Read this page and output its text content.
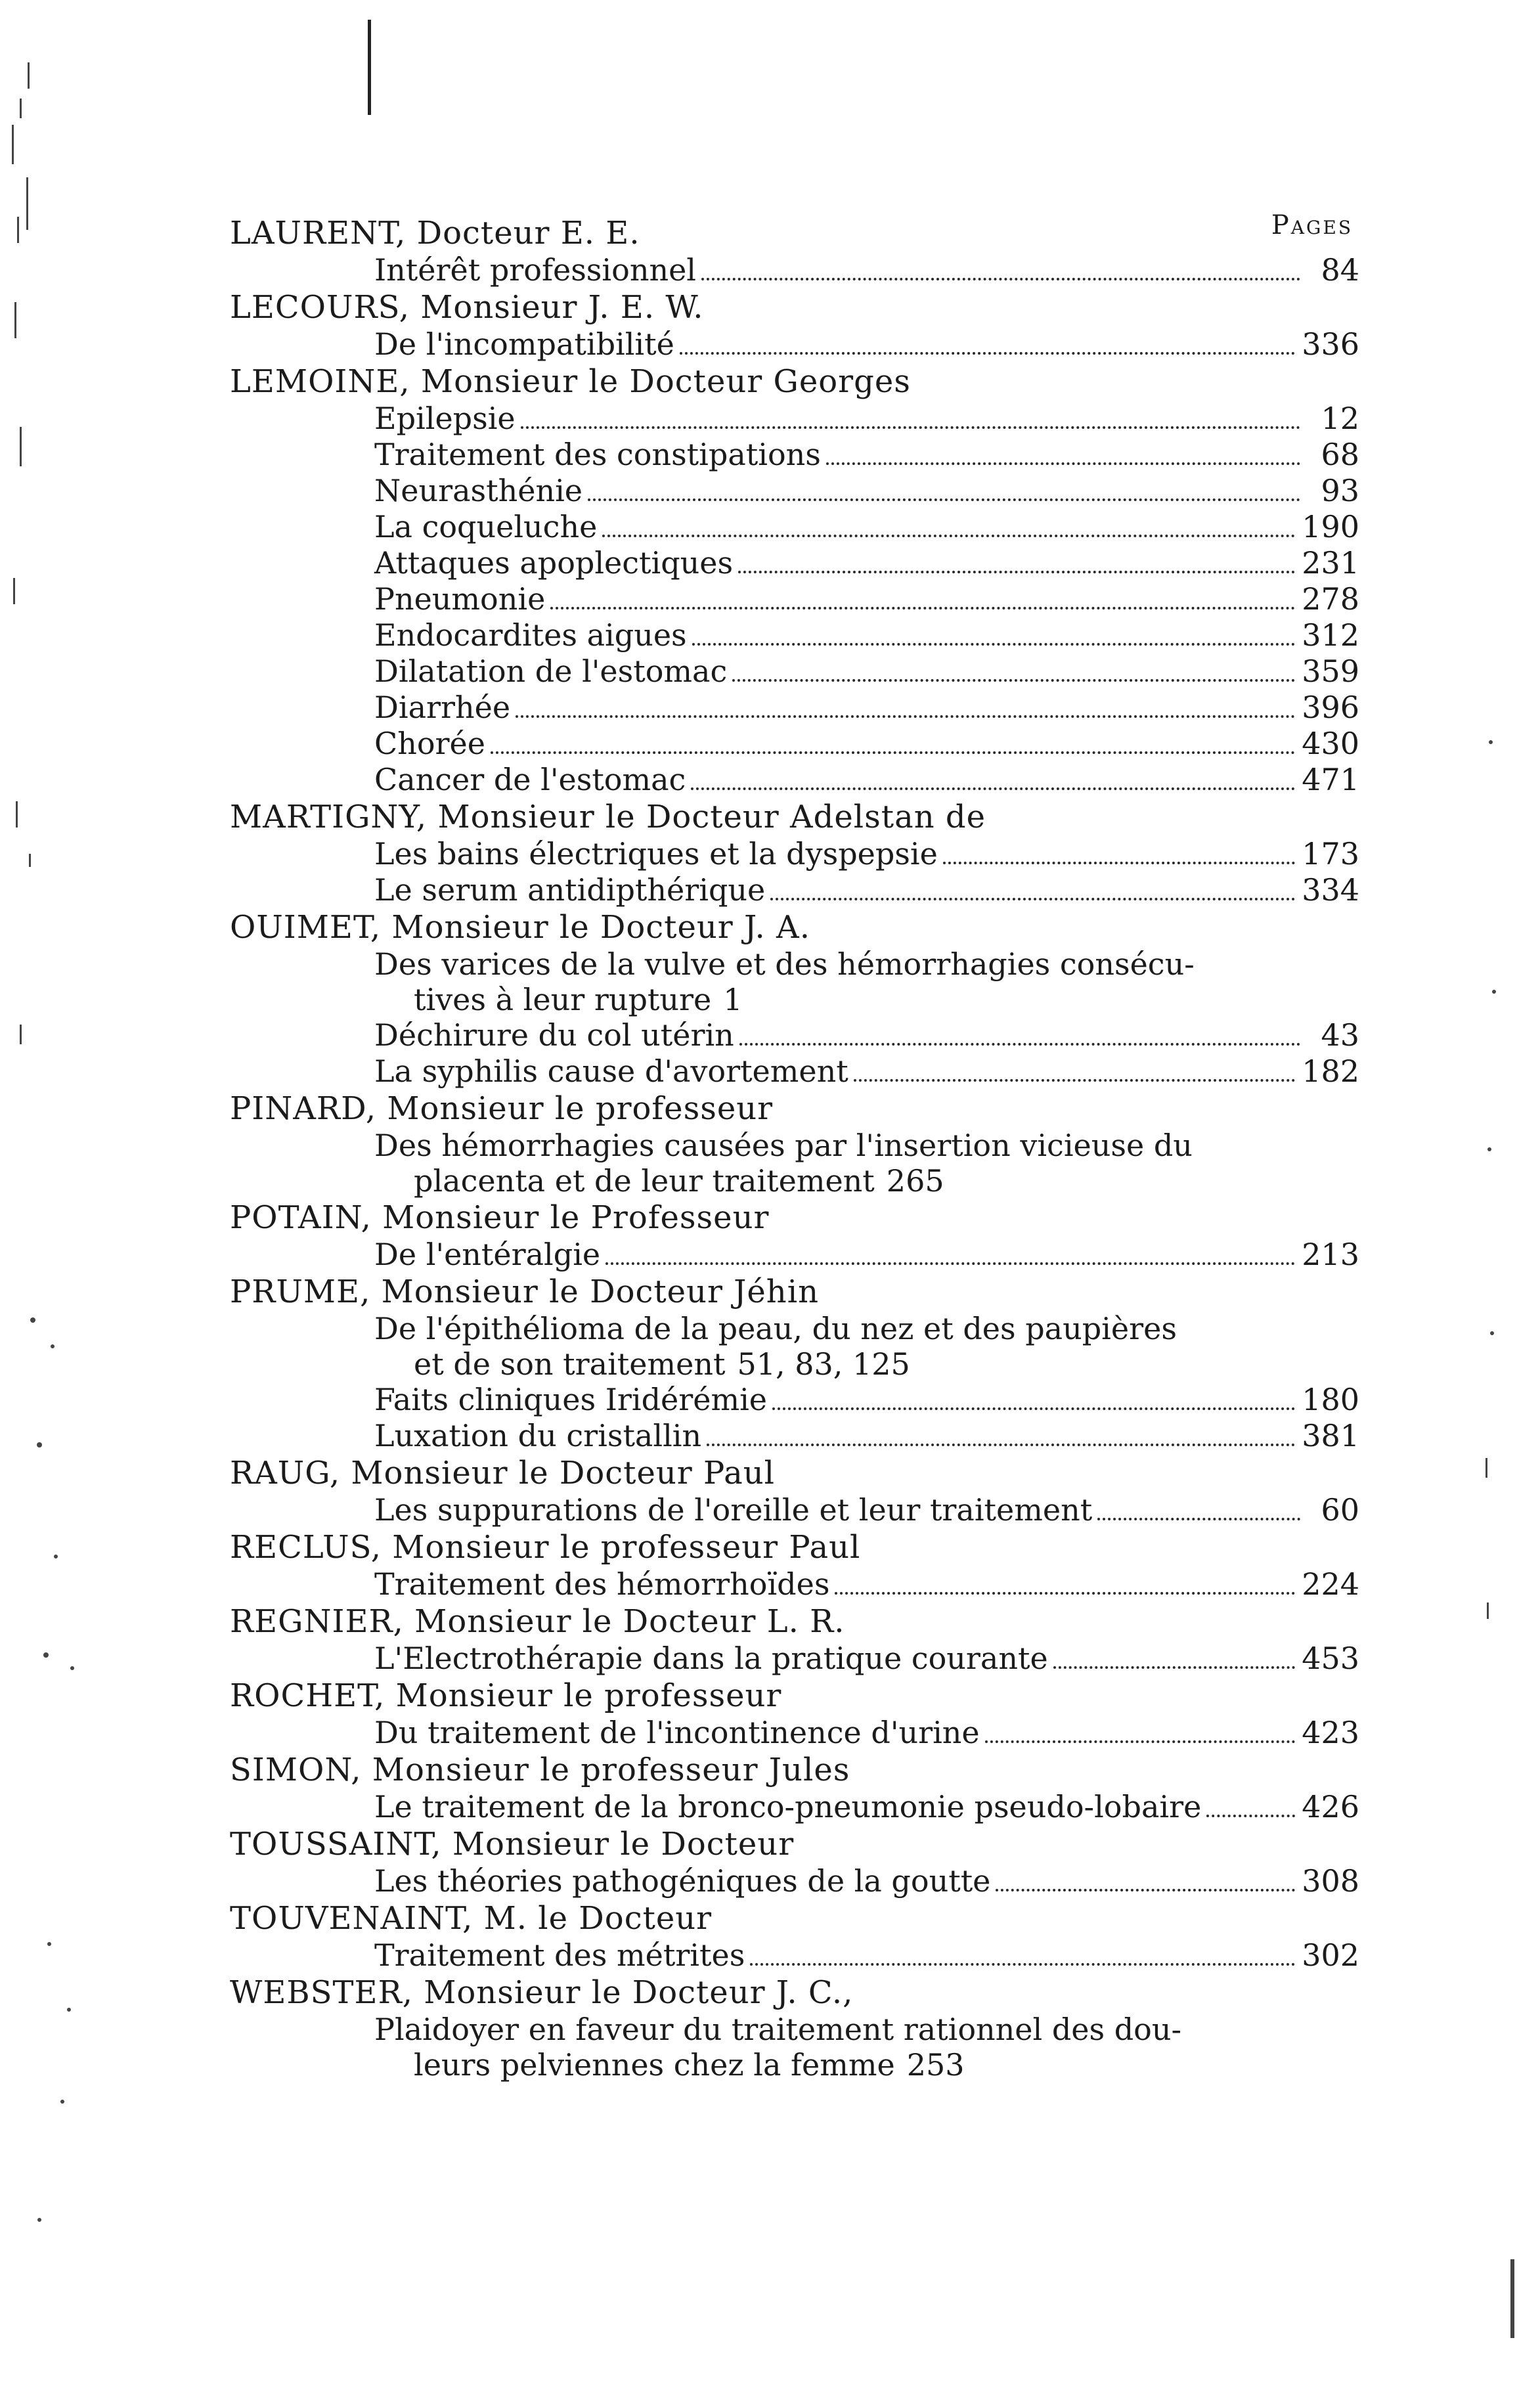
Pages
LAURENT, Docteur E. E.
Intérêt professionnel	84
LECOURS, Monsieur J. E. W.
De l'incompatibilité	336
LEMOINE, Monsieur le Docteur Georges
Epilepsie	12
Traitement des constipations	68
Neurasthénie	93
La coqueluche	190
Attaques apoplectiques	231
Pneumonie	278
Endocardites aigues	312
Dilatation de l'estomac	359
Diarrhée	396
Chorée	430
Cancer de l'estomac	471
MARTIGNY, Monsieur le Docteur Adelstan de
Les bains électriques et la dyspepsie	173
Le serum antidipthérique	334
OUIMET, Monsieur le Docteur J. A.
Des varices de la vulve et des hémorrhagies consécu-
tives à leur rupture 1
Déchirure du col utérin	43
La syphilis cause d'avortement	182
PINARD, Monsieur le professeur
Des hémorrhagies causées par l'insertion vicieuse du
placenta et de leur traitement 265
POTAIN, Monsieur le Professeur
De l'entéralgie	213
PRUME, Monsieur le Docteur Jéhin
De l'épithélioma de la peau, du nez et des paupières
et de son traitement 51, 83, 125
Faits cliniques Iridérémie	180
Luxation du cristallin	381
RAUG, Monsieur le Docteur Paul
Les suppurations de l'oreille et leur traitement	60
RECLUS, Monsieur le professeur Paul
Traitement des hémorrhoïdes	224
REGNIER, Monsieur le Docteur L. R.
L'Electrothérapie dans la pratique courante	453
ROCHET, Monsieur le professeur
Du traitement de l'incontinence d'urine	423
SIMON, Monsieur le professeur Jules
Le traitement de la bronco-pneumonie pseudo-lobaire	426
TOUSSAINT, Monsieur le Docteur
Les théories pathogéniques de la goutte	308
TOUVENAINT, M. le Docteur
Traitement des métrites	302
WEBSTER, Monsieur le Docteur J. C.,
Plaidoyer en faveur du traitement rationnel des dou-
leurs pelviennes chez la femme 253
